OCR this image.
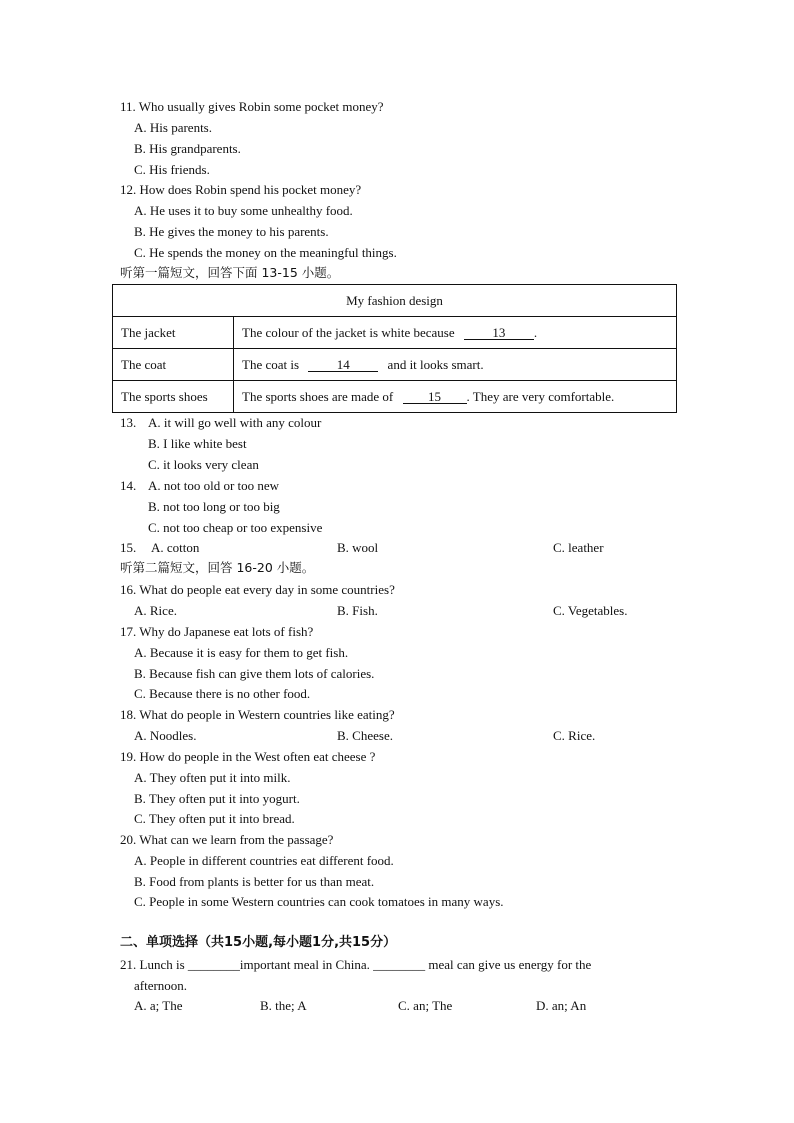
11. Who usually gives Robin some pocket money?
A. His parents.
B. His grandparents.
C. His friends.
12. How does Robin spend his pocket money?
A. He uses it to buy some unhealthy food.
B. He gives the money to his parents.
C. He spends the money on the meaningful things.
听第一篇短文，回答下面 13-15 小题。
My fashion design	
The jacket	The colour of the jacket is white because 13 .
The coat	The coat is 14 and it looks smart.
The sports shoes	The sports shoes are made of 15 . They are very comfortable.
13. A. it will go well with any colour
B. I like white best
C. it looks very clean
14. A. not too old or too new
B. not too long or too big
C. not too cheap or too expensive
15. A. cotton	B. wool	C. leather
听第二篇短文，回答 16-20 小题。
16. What do people eat every day in some countries?
A. Rice.	B. Fish.	C. Vegetables.
17. Why do Japanese eat lots of fish?
A. Because it is easy for them to get fish.
B. Because fish can give them lots of calories.
C. Because there is no other food.
18. What do people in Western countries like eating?
A. Noodles.	B. Cheese.	C. Rice.
19. How do people in the West often eat cheese ?
A. They often put it into milk.
B. They often put it into yogurt.
C. They often put it into bread.
20. What can we learn from the passage?
A. People in different countries eat different food.
B. Food from plants is better for us than meat.
C. People in some Western countries can cook tomatoes in many ways.
二、单项选择（共15小题,每小题1分,共15分）
21. Lunch is ________important meal in China. ________ meal can give us energy for the
afternoon.
A. a; The	B. the; A	C. an; The	D. an; An
